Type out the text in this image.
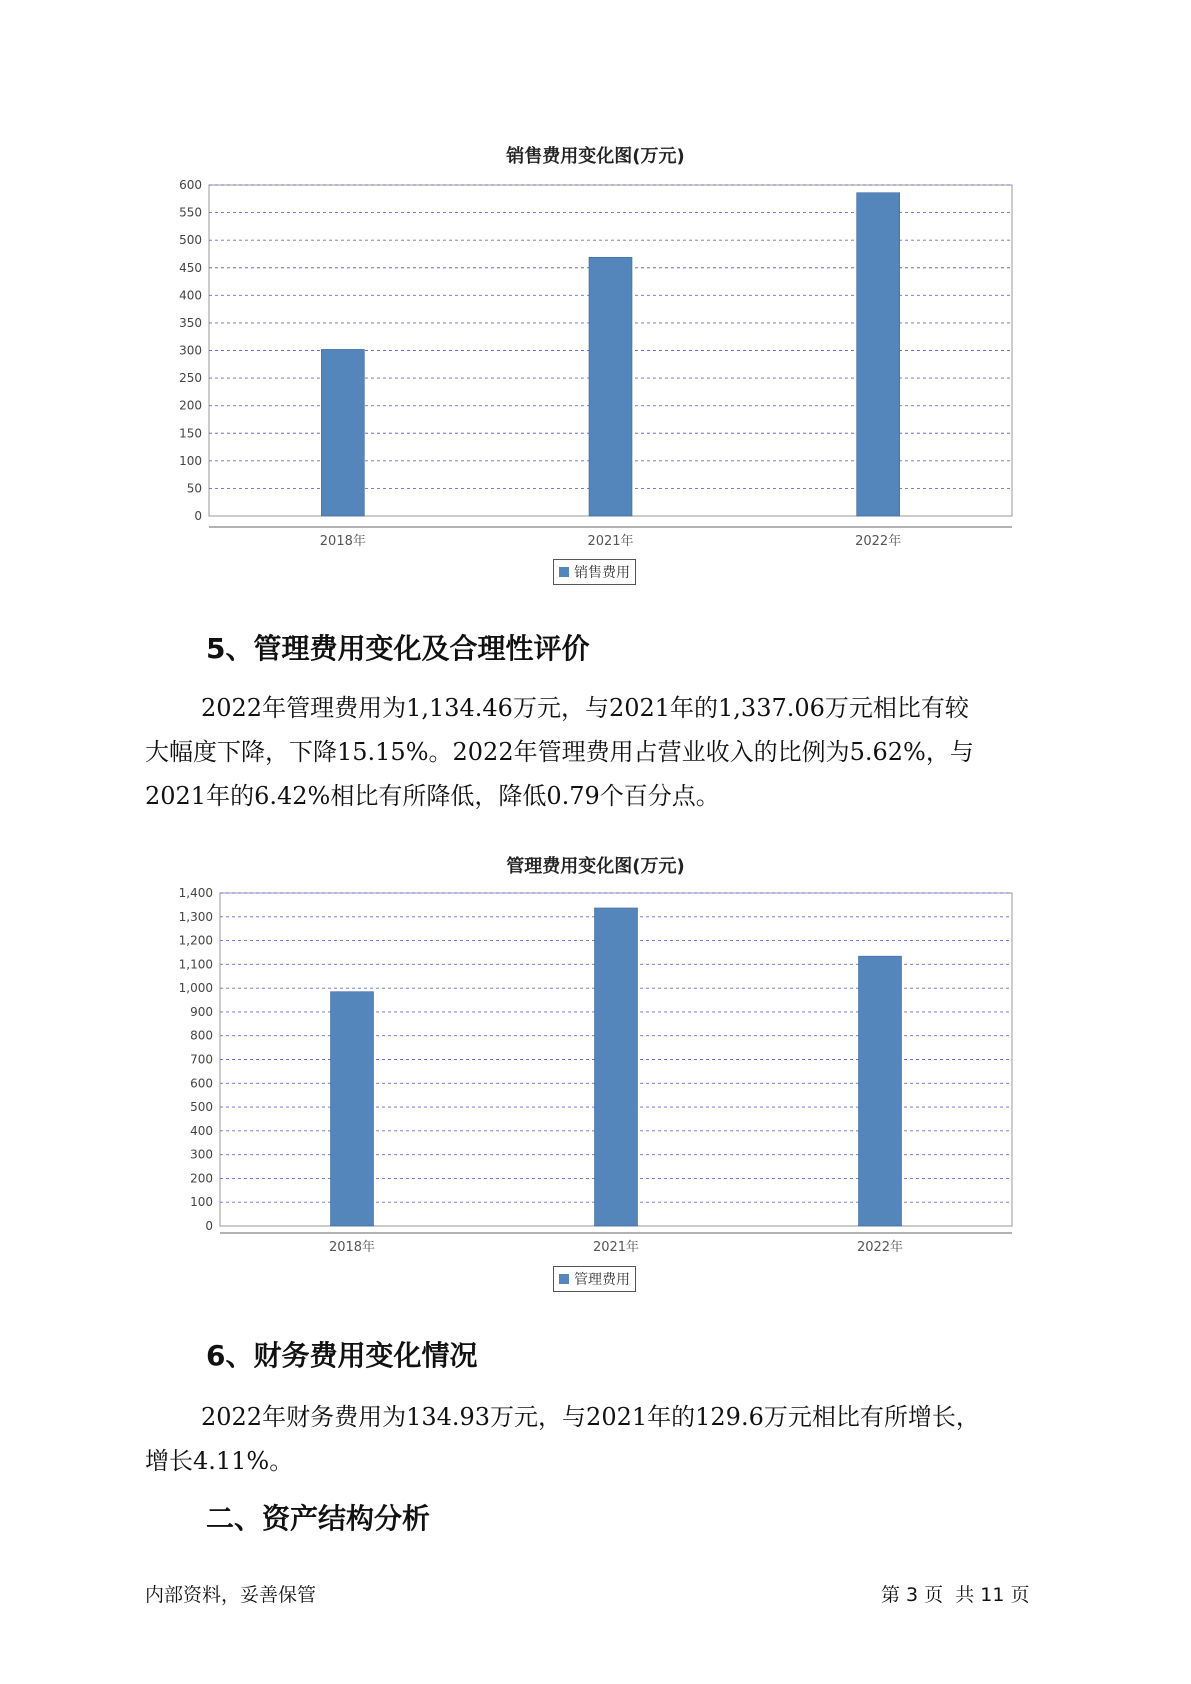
销售费用变化图(万元)
0
50
100
150
200
250
300
350
400
450
500
550
600
2018年	2021年	2022年
销售费用
5、管理费用变化及合理性评价
2022年管理费用为1,134.46万元，与2021年的1,337.06万元相比有较
大幅度下降，下降15.15%。2022年管理费用占营业收入的比例为5.62%，与
2021年的6.42%相比有所降低，降低0.79个百分点。
管理费用变化图(万元)
0
100
200
300
400
500
600
700
800
900
1,000
1,100
1,200
1,300
1,400
2018年	2021年	2022年
管理费用
6、财务费用变化情况
2022年财务费用为134.93万元，与2021年的129.6万元相比有所增长，
增长4.11%。
二、资产结构分析
内部资料，妥善保管	第 3 页  共 11 页
